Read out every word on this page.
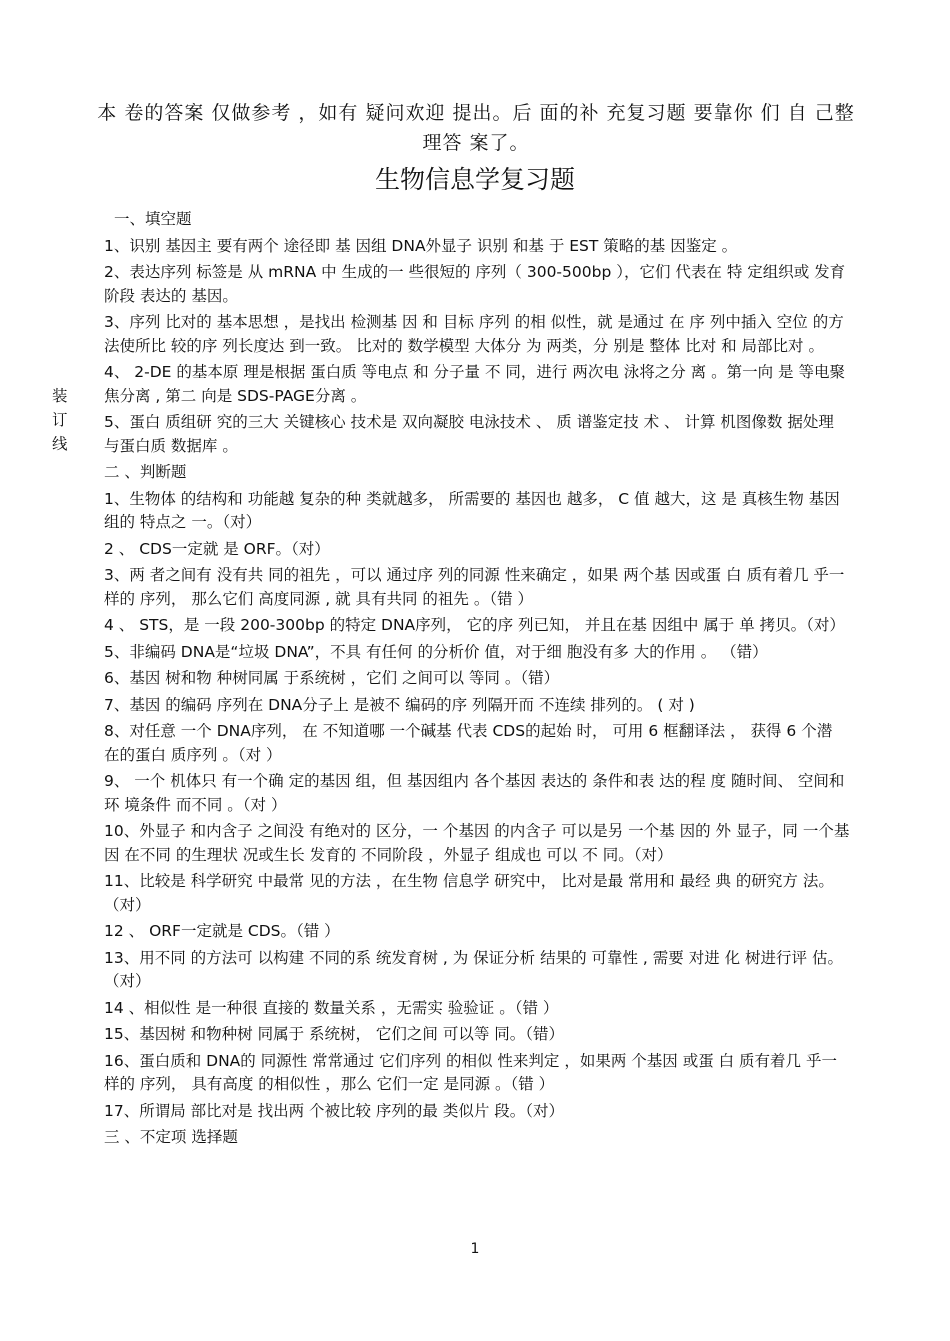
本 卷的答案 仅做参考 ，如有 疑问欢迎 提出。后 面的补 充复习题 要靠你 们 自 己整理答 案了。

生物信息学复习题
装
订
线
一、填空题
1、识别 基因主 要有两个 途径即 基 因组 DNA外显子 识别 和基 于 EST 策略的基 因鉴定 。
2、表达序列 标签是 从 mRNA 中 生成的一 些很短的 序列（ 300-500bp ），它们 代表在 特 定组织或 发育阶段 表达的 基因。
3、序列 比对的 基本思想 ，是找出 检测基 因 和 目标 序列 的相 似性，就 是通过 在 序 列中插入 空位 的方 法使所比 较的序 列长度达 到一致。 比对的 数学模型 大体分 为 两类，分 别是 整体 比对 和 局部比对 。
4、 2-DE 的基本原 理是根据 蛋白质 等电点 和 分子量 不 同，进行 两次电 泳将之分 离 。第一向 是 等电聚 焦分离 , 第二 向是 SDS-PAGE分离 。
5、蛋白 质组研 究的三大 关键核心 技术是 双向凝胶 电泳技术 、 质 谱鉴定技 术 、 计算 机图像数 据处理 与蛋白质 数据库 。
二 、判断题
1、生物体 的结构和 功能越 复杂的种 类就越多， 所需要的 基因也 越多， C 值 越大，这 是 真核生物 基因组的 特点之 一。（对）
2 、 CDS一定就 是 ORF。（对）
3、两 者之间有 没有共 同的祖先 ，可以 通过序 列的同源 性来确定 ，如果 两个基 因或蛋 白 质有着几 乎一样的 序列， 那么它们 高度同源 , 就 具有共同 的祖先 。（错 ）
4 、 STS，是 一段 200-300bp 的特定 DNA序列， 它的序 列已知， 并且在基 因组中 属于 单 拷贝。（对）
5、非编码 DNA是“垃圾 DNA”，不具 有任何 的分析价 值，对于细 胞没有多 大的作用 。 （错）
6、基因 树和物 种树同属 于系统树 ，它们 之间可以 等同 。（错）
7、基因 的编码 序列在 DNA分子上 是被不 编码的序 列隔开而 不连续 排列的。 ( 对 )
8、对任意 一个 DNA序列， 在 不知道哪 一个碱基 代表 CDS的起始 时， 可用 6 框翻译法 ， 获得 6 个潜 在的蛋白 质序列 。（对 ）
9、 一个 机体只 有一个确 定的基因 组，但 基因组内 各个基因 表达的 条件和表 达的程 度 随时间、 空间和环 境条件 而不同 。（对 ）
10、外显子 和内含子 之间没 有绝对的 区分，一 个基因 的内含子 可以是另 一个基 因的 外 显子，同 一个基因 在不同 的生理状 况或生长 发育的 不同阶段 ，外显子 组成也 可以 不 同。（对）
11、比较是 科学研究 中最常 见的方法 ，在生物 信息学 研究中， 比对是最 常用和 最经 典 的研究方 法。（对）
12 、 ORF一定就是 CDS。（错 ）
13、用不同 的方法可 以构建 不同的系 统发育树 , 为 保证分析 结果的 可靠性 , 需要 对进 化 树进行评 估。（对）
14 、相似性 是一种很 直接的 数量关系 ，无需实 验验证 。（错 ）
15、基因树 和物种树 同属于 系统树， 它们之间 可以等 同。（错）
16、蛋白质和 DNA的 同源性 常常通过 它们序列 的相似 性来判定 ，如果两 个基因 或蛋 白 质有着几 乎一样的 序列， 具有高度 的相似性 ，那么 它们一定 是同源 。（错 ）
17、所谓局 部比对是 找出两 个被比较 序列的最 类似片 段。（对）
三 、不定项 选择题
1
